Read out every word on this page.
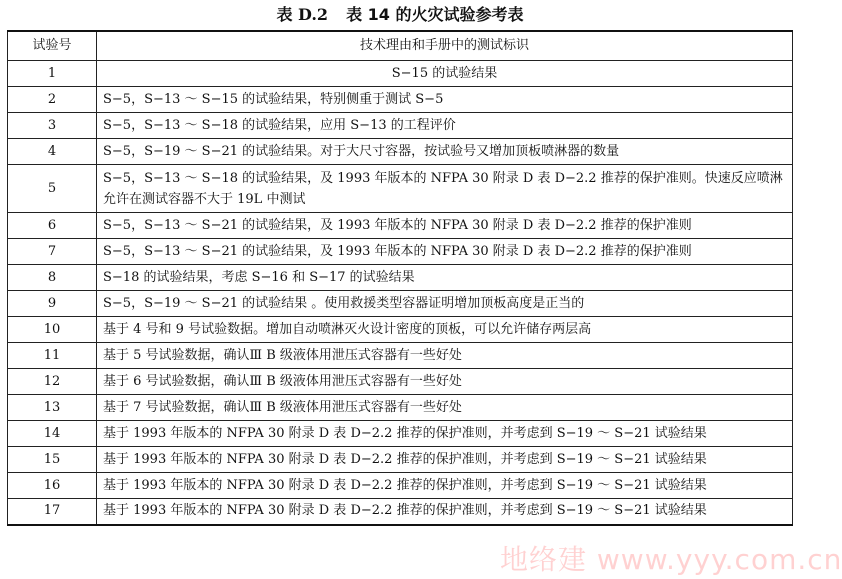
表 D.2 表 14 的火灾试验参考表
试验号	技术理由和手册中的测试标识
1	S−15 的试验结果
2	S−5，S−13 ～ S−15 的试验结果，特别侧重于测试 S−5
3	S−5，S−13 ～ S−18 的试验结果，应用 S−13 的工程评价
4	S−5，S−19 ～ S−21 的试验结果。对于大尺寸容器，按试验号又增加顶板喷淋器的数量
5	S−5，S−13 ～ S−18 的试验结果，及 1993 年版本的 NFPA 30 附录 D 表 D−2.2 推荐的保护准则。快速反应喷淋允许在测试容器不大于 19L 中测试
6	S−5，S−13 ～ S−21 的试验结果，及 1993 年版本的 NFPA 30 附录 D 表 D−2.2 推荐的保护准则
7	S−5，S−13 ～ S−21 的试验结果，及 1993 年版本的 NFPA 30 附录 D 表 D−2.2 推荐的保护准则
8	S−18 的试验结果，考虑 S−16 和 S−17 的试验结果
9	S−5，S−19 ～ S−21 的试验结果 。使用救援类型容器证明增加顶板高度是正当的
10	基于 4 号和 9 号试验数据。增加自动喷淋灭火设计密度的顶板，可以允许储存两层高
11	基于 5 号试验数据，确认Ⅲ B 级液体用泄压式容器有一些好处
12	基于 6 号试验数据，确认Ⅲ B 级液体用泄压式容器有一些好处
13	基于 7 号试验数据，确认Ⅲ B 级液体用泄压式容器有一些好处
14	基于 1993 年版本的 NFPA 30 附录 D 表 D−2.2 推荐的保护准则，并考虑到 S−19 ～ S−21 试验结果
15	基于 1993 年版本的 NFPA 30 附录 D 表 D−2.2 推荐的保护准则，并考虑到 S−19 ～ S−21 试验结果
16	基于 1993 年版本的 NFPA 30 附录 D 表 D−2.2 推荐的保护准则，并考虑到 S−19 ～ S−21 试验结果
17	基于 1993 年版本的 NFPA 30 附录 D 表 D−2.2 推荐的保护准则，并考虑到 S−19 ～ S−21 试验结果
地络建 www.yyy.com.cn
